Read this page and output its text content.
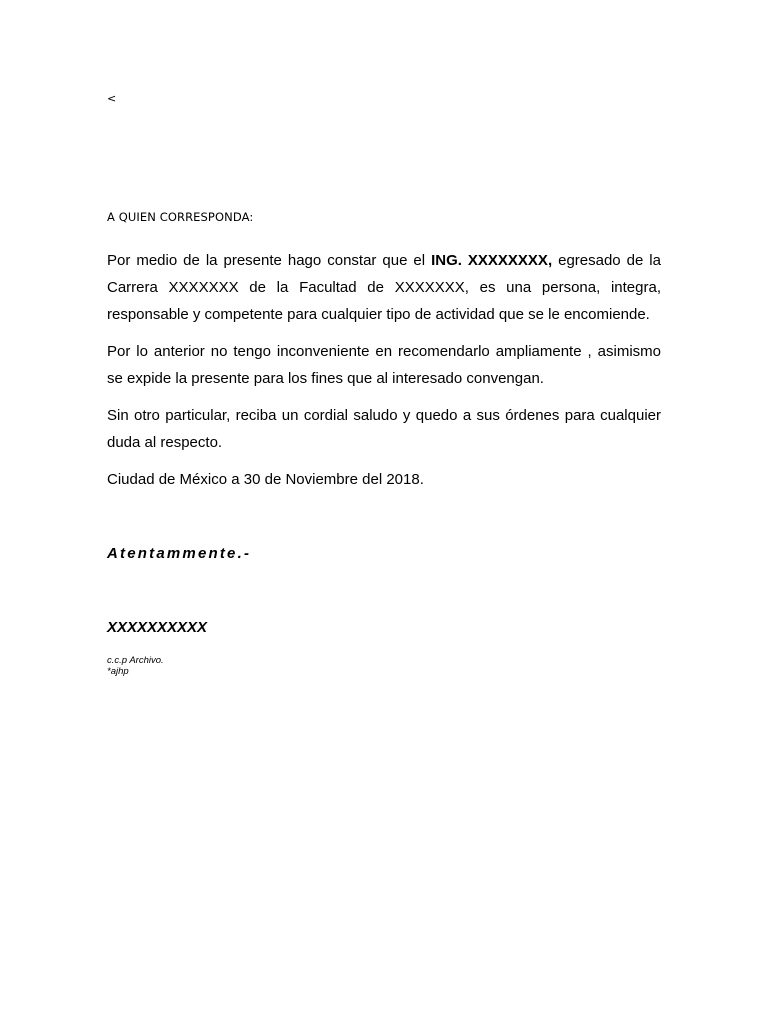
<
A QUIEN CORRESPONDA:

Por medio de la presente hago constar que el ING. XXXXXXXX, egresado de la Carrera XXXXXXX de la Facultad de XXXXXXX, es una persona, integra, responsable y competente para cualquier tipo de actividad que se le encomiende.

Por lo anterior no tengo inconveniente en recomendarlo ampliamente , asimismo se expide la presente para los fines que al interesado convengan.

Sin otro particular, reciba un cordial saludo y quedo a sus órdenes para cualquier duda al respecto.

Ciudad de México a 30 de Noviembre del 2018.

Atentammente.-
XXXXXXXXXX
c.c.p Archivo.
*ajhp
